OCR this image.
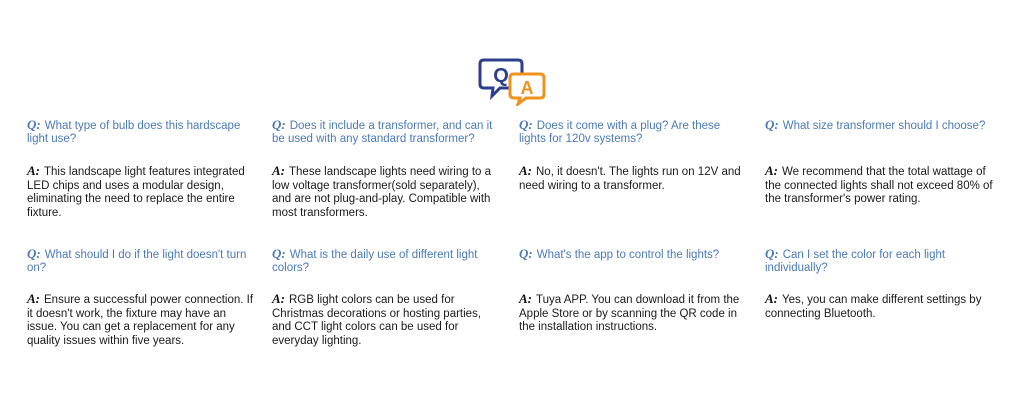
Q
A

Q: What type of bulb does this hardscape light use?

A: This landscape light features integrated LED chips and uses a modular design, eliminating the need to replace the entire fixture.

Q: Does it include a transformer, and can it be used with any standard transformer?

A: These landscape lights need wiring to a low voltage transformer(sold separately), and are not plug-and-play. Compatible with most transformers.

Q: Does it come with a plug? Are these lights for 120v systems?

A: No, it doesn't. The lights run on 12V and need wiring to a transformer.

Q: What size transformer should I choose?

A: We recommend that the total wattage of the connected lights shall not exceed 80% of the transformer's power rating.

Q: What should I do if the light doesn't turn on?

A: Ensure a successful power connection. If it doesn't work, the fixture may have an issue. You can get a replacement for any quality issues within five years.

Q: What is the daily use of different light colors?

A: RGB light colors can be used for Christmas decorations or hosting parties, and CCT light colors can be used for everyday lighting.

Q: What's the app to control the lights?

A: Tuya APP. You can download it from the Apple Store or by scanning the QR code in the installation instructions.

Q: Can I set the color for each light individually?

A: Yes, you can make different settings by connecting Bluetooth.
